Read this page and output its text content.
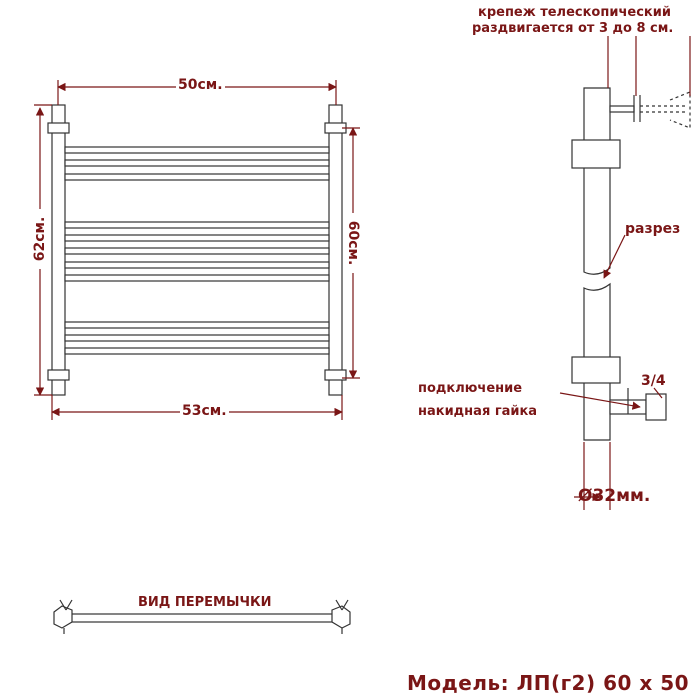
50см.
53см.
62см.	60см.
крепеж телескопический
раздвигается от 3 до 8 см.
разрез
3/4
подключение
накидная гайка
Ø32мм.
ВИД ПЕРЕМЫЧКИ
Модель: ЛП(г2) 60 x 50
